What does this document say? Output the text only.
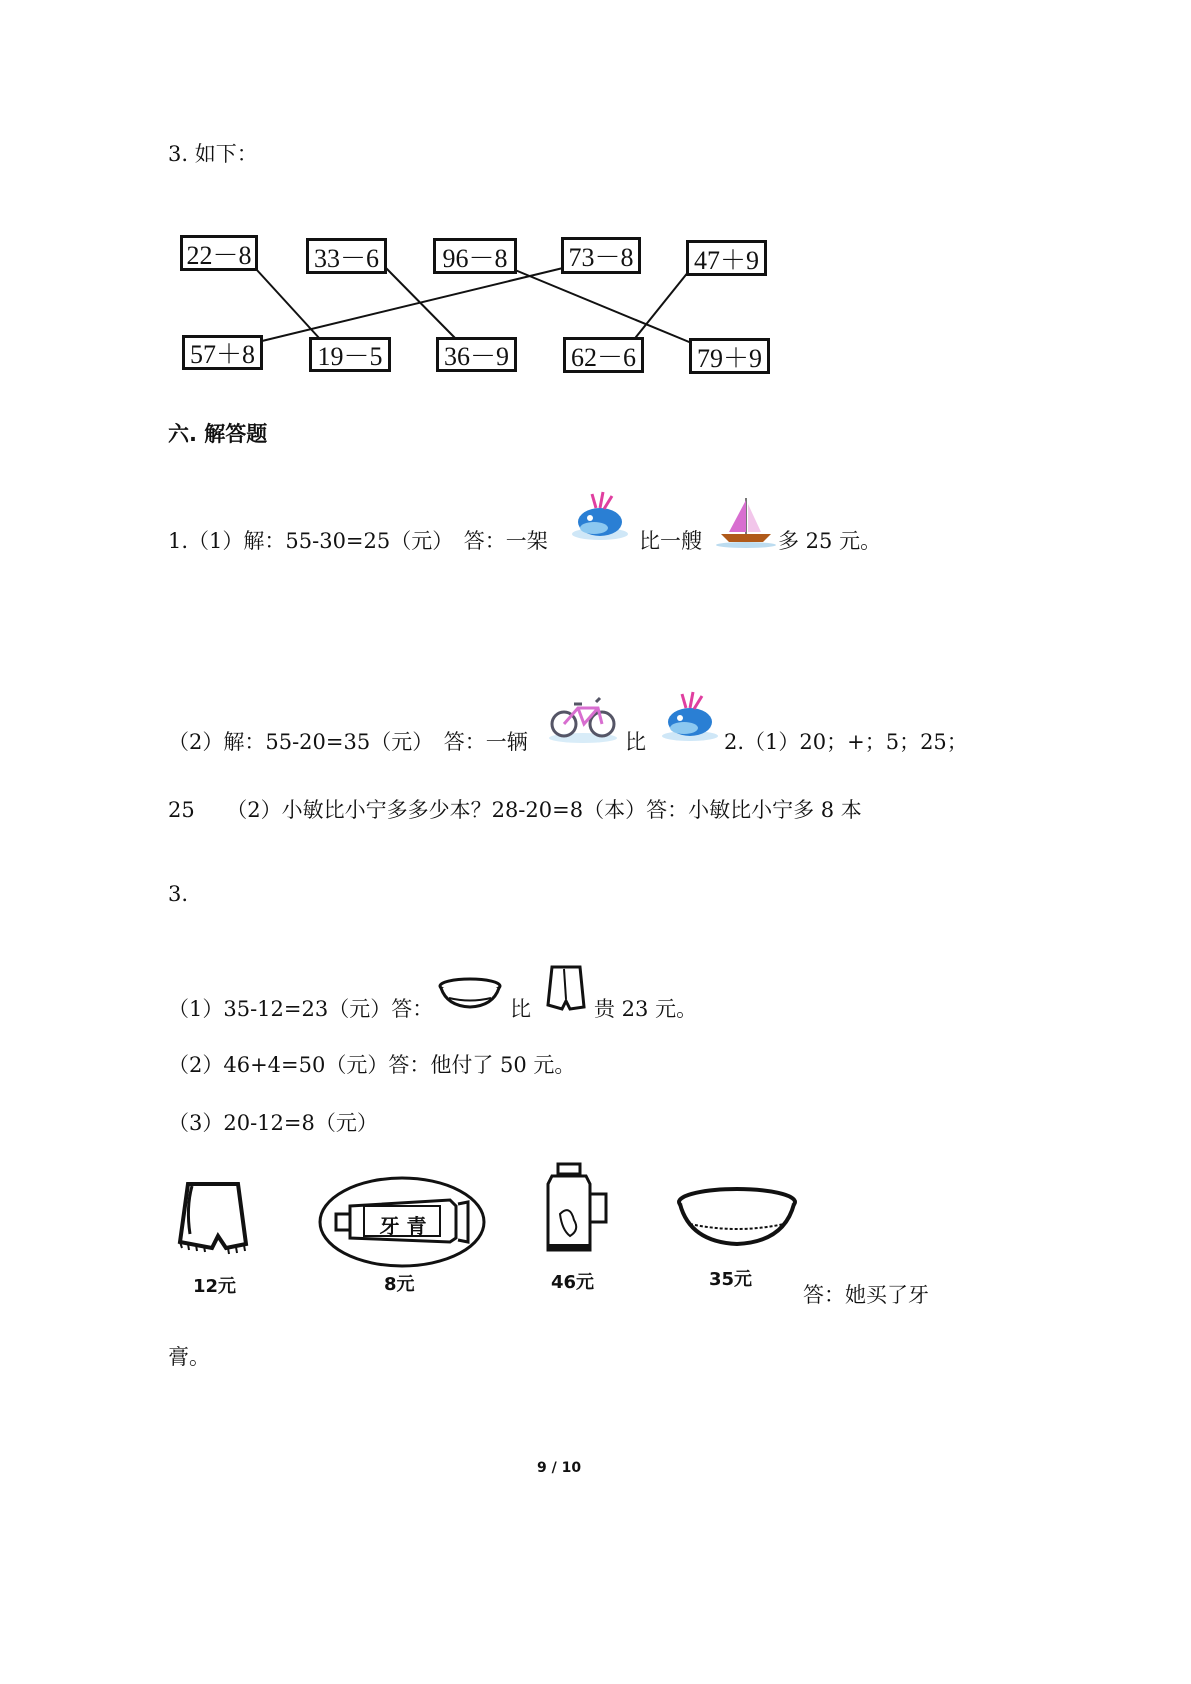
3. 如下：
22－8	33－6	96－8	73－8	47＋9
57＋8	19－5	36－9	62－6	79＋9
六. 解答题
1.（1）解：55-30=25（元）　答：一架	比一艘	多 25 元。
（2）解：55-20=35（元）　答：一辆	比	2.（1）20；+；5；25；
25　　（2）小敏比小宁多多少本？28-20=8（本）答：小敏比小宁多 8 本
3.
（1）35-12=23（元）答：	比	贵 23 元。
（2）46+4=50（元）答：他付了 50 元。
（3）20-12=8（元）
12元
牙 青
8元	46元	35元
答：她买了牙
膏。
9 / 10
